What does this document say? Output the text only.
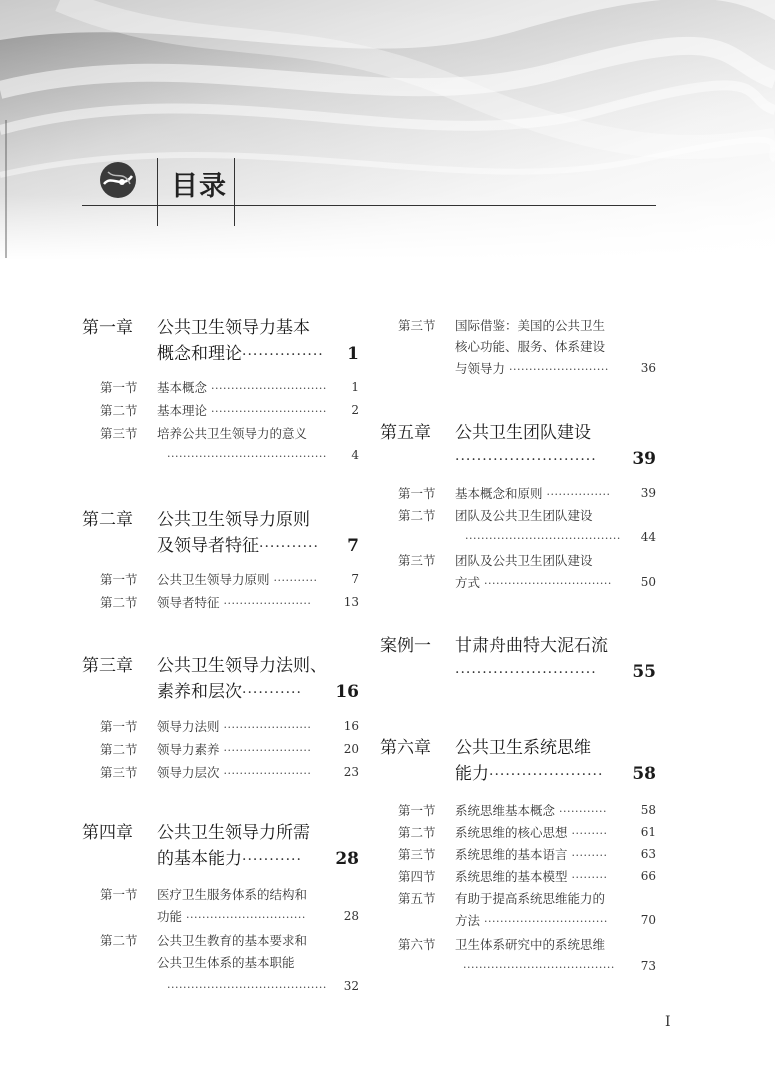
目录
第一章 公共卫生领导力基本
概念和理论··············· 1
第一节 基本概念 ····························· 1
第二节 基本理论 ····························· 2
第三节 培养公共卫生领导力的意义
········································ 4
第二章 公共卫生领导力原则
及领导者特征··········· 7
第一节 公共卫生领导力原则 ···········	7
第二节 领导者特征 ······················	13
第三章 公共卫生领导力法则、
素养和层次··········· 16
第一节 领导力法则 ······················	16
第二节 领导力素养 ······················	20
第三节 领导力层次 ······················	23
第四章 公共卫生领导力所需
的基本能力··········· 28
第一节 医疗卫生服务体系的结构和
功能 ······························	28
第二节 公共卫生教育的基本要求和
公共卫生体系的基本职能
········································ 32
第三节 国际借鉴：美国的公共卫生
核心功能、服务、体系建设
与领导力 ·························	36
第五章 公共卫生团队建设
·························· 39
第一节 基本概念和原则 ················	39
第二节 团队及公共卫生团队建设
······································· 44
第三节 团队及公共卫生团队建设
方式 ································ 50
案例一 甘肃舟曲特大泥石流
·························· 55
第六章 公共卫生系统思维
能力····················· 58
第一节 系统思维基本概念 ············	58
第二节 系统思维的核心思想 ·········	61
第三节 系统思维的基本语言 ·········	63
第四节 系统思维的基本模型 ·········	66
第五节 有助于提高系统思维能力的
方法 ·······························	70
第六节 卫生体系研究中的系统思维
······································ 73
I
